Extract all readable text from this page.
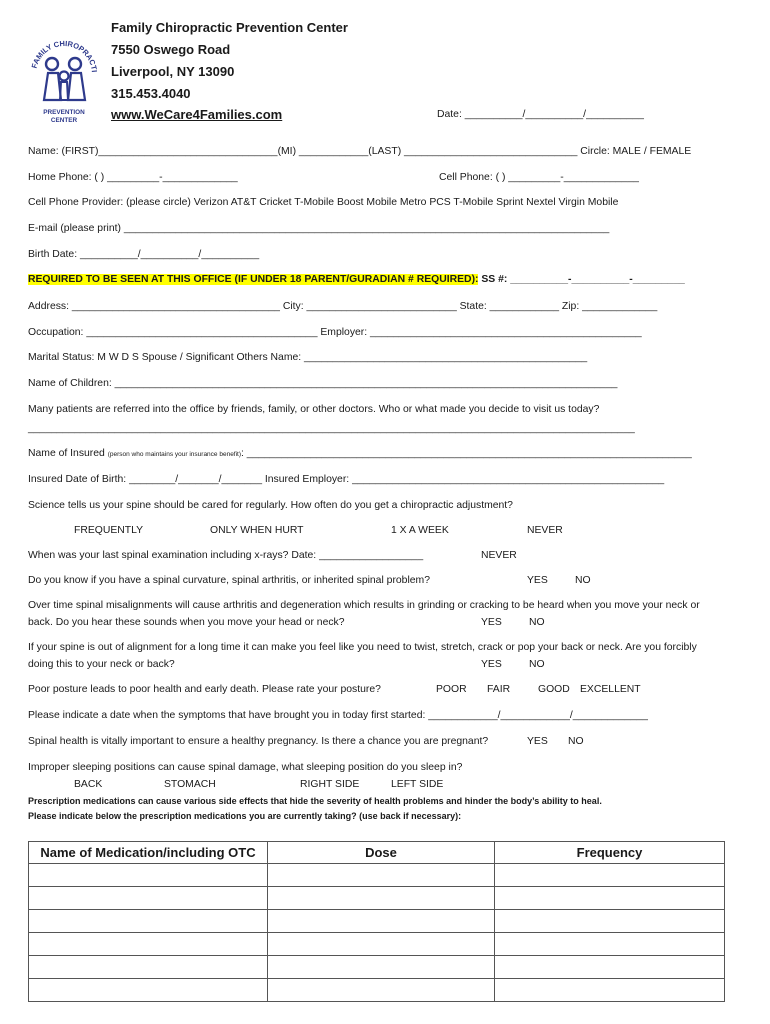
FAMILY CHIROPRACTI
PREVENTION
CENTER
Family Chiropractic Prevention Center
7550 Oswego Road
Liverpool, NY 13090
315.453.4040
www.WeCare4Families.com	Date: __________/__________/__________
Name: (FIRST)_______________________________(MI) ____________(LAST) ______________________________ Circle: MALE / FEMALE
Home Phone: ( ) _________-_____________	Cell Phone: ( ) _________-_____________
Cell Phone Provider: (please circle) Verizon AT&T Cricket T-Mobile Boost Mobile Metro PCS T-Mobile Sprint Nextel Virgin Mobile
E-mail (please print) ____________________________________________________________________________________
Birth Date: __________/__________/__________
REQUIRED TO BE SEEN AT THIS OFFICE (IF UNDER 18 PARENT/GURADIAN # REQUIRED): SS #: __________-__________-_________
Address: ____________________________________ City: __________________________ State: ____________ Zip: _____________
Occupation: ________________________________________ Employer: _______________________________________________
Marital Status: M W D S Spouse / Significant Others Name: _________________________________________________
Name of Children: _______________________________________________________________________________________
Many patients are referred into the office by friends, family, or other doctors. Who or what made you decide to visit us today?
_________________________________________________________________________________________________________
Name of Insured (person who maintains your insurance benefit): _____________________________________________________________________________
Insured Date of Birth: ________/_______/_______ Insured Employer: ______________________________________________________
Science tells us your spine should be cared for regularly. How often do you get a chiropractic adjustment?
FREQUENTLY	ONLY WHEN HURT	1 X A WEEK	NEVER
When was your last spinal examination including x-rays? Date: __________________	NEVER
Do you know if you have a spinal curvature, spinal arthritis, or inherited spinal problem?	YES	NO
Over time spinal misalignments will cause arthritis and degeneration which results in grinding or cracking to be heard when you move your neck or
back. Do you hear these sounds when you move your head or neck?	YES	NO
If your spine is out of alignment for a long time it can make you feel like you need to twist, stretch, crack or pop your back or neck. Are you forcibly
doing this to your neck or back?	YES	NO
Poor posture leads to poor health and early death. Please rate your posture?	POOR FAIR	GOOD EXCELLENT
Please indicate a date when the symptoms that have brought you in today first started: ____________/____________/_____________
Spinal health is vitally important to ensure a healthy pregnancy. Is there a chance you are pregnant?	YES NO
Improper sleeping positions can cause spinal damage, what sleeping position do you sleep in?
BACK	STOMACH	RIGHT SIDE	LEFT SIDE
Prescription medications can cause various side effects that hide the severity of health problems and hinder the body’s ability to heal.
Please indicate below the prescription medications you are currently taking? (use back if necessary):
Name of Medication/including OTC	Dose	Frequency
